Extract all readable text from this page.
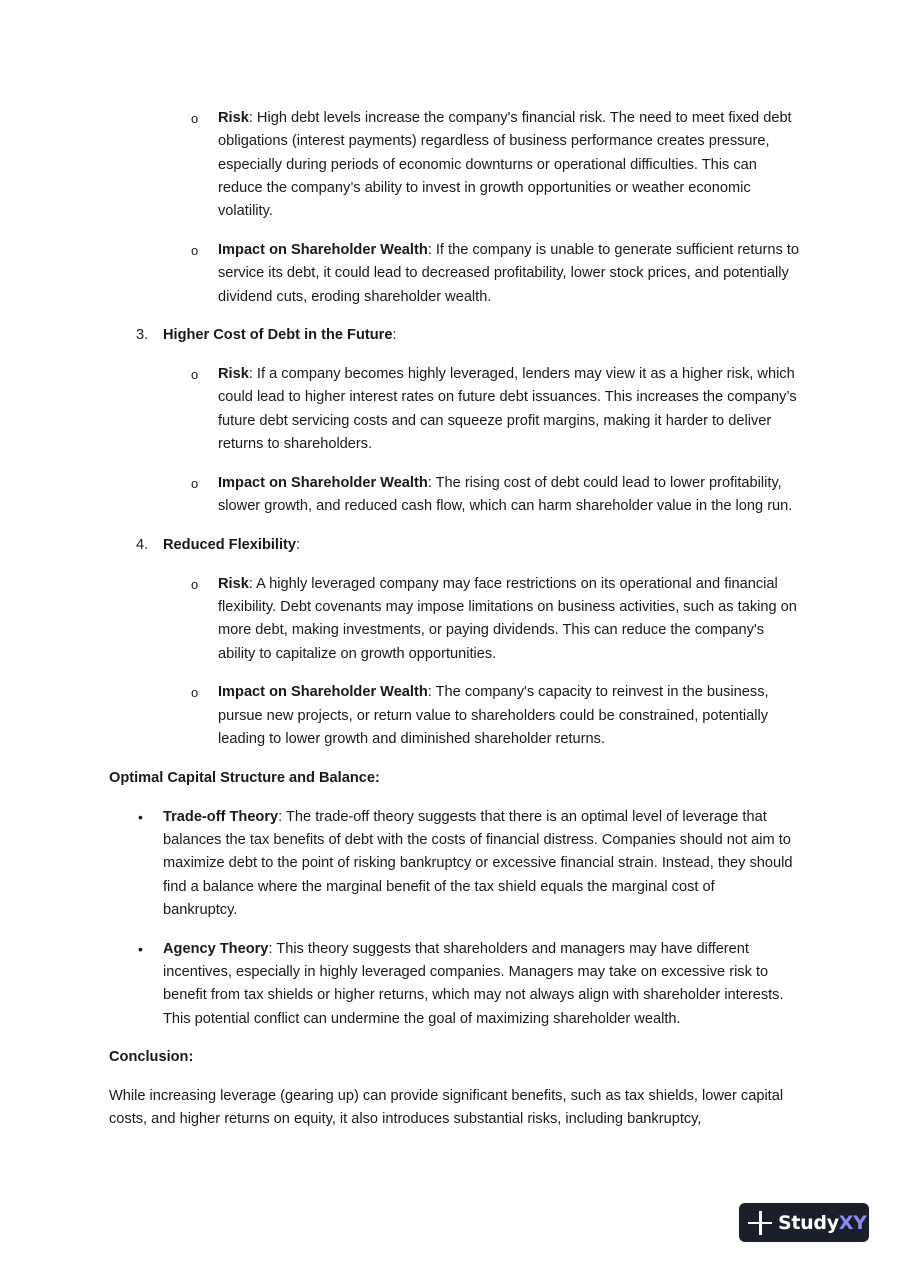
o Risk: High debt levels increase the company's financial risk. The need to meet fixed debt obligations (interest payments) regardless of business performance creates pressure, especially during periods of economic downturns or operational difficulties. This can reduce the company’s ability to invest in growth opportunities or weather economic volatility.

o Impact on Shareholder Wealth: If the company is unable to generate sufficient returns to service its debt, it could lead to decreased profitability, lower stock prices, and potentially dividend cuts, eroding shareholder wealth.

3. Higher Cost of Debt in the Future:

o Risk: If a company becomes highly leveraged, lenders may view it as a higher risk, which could lead to higher interest rates on future debt issuances. This increases the company’s future debt servicing costs and can squeeze profit margins, making it harder to deliver returns to shareholders.

o Impact on Shareholder Wealth: The rising cost of debt could lead to lower profitability, slower growth, and reduced cash flow, which can harm shareholder value in the long run.

4. Reduced Flexibility:

o Risk: A highly leveraged company may face restrictions on its operational and financial flexibility. Debt covenants may impose limitations on business activities, such as taking on more debt, making investments, or paying dividends. This can reduce the company's ability to capitalize on growth opportunities.

o Impact on Shareholder Wealth: The company's capacity to reinvest in the business, pursue new projects, or return value to shareholders could be constrained, potentially leading to lower growth and diminished shareholder returns.

Optimal Capital Structure and Balance:

• Trade-off Theory: The trade-off theory suggests that there is an optimal level of leverage that balances the tax benefits of debt with the costs of financial distress. Companies should not aim to maximize debt to the point of risking bankruptcy or excessive financial strain. Instead, they should find a balance where the marginal benefit of the tax shield equals the marginal cost of bankruptcy.

• Agency Theory: This theory suggests that shareholders and managers may have different incentives, especially in highly leveraged companies. Managers may take on excessive risk to benefit from tax shields or higher returns, which may not always align with shareholder interests. This potential conflict can undermine the goal of maximizing shareholder wealth.

Conclusion:

While increasing leverage (gearing up) can provide significant benefits, such as tax shields, lower capital costs, and higher returns on equity, it also introduces substantial risks, including bankruptcy,

StudyXY
